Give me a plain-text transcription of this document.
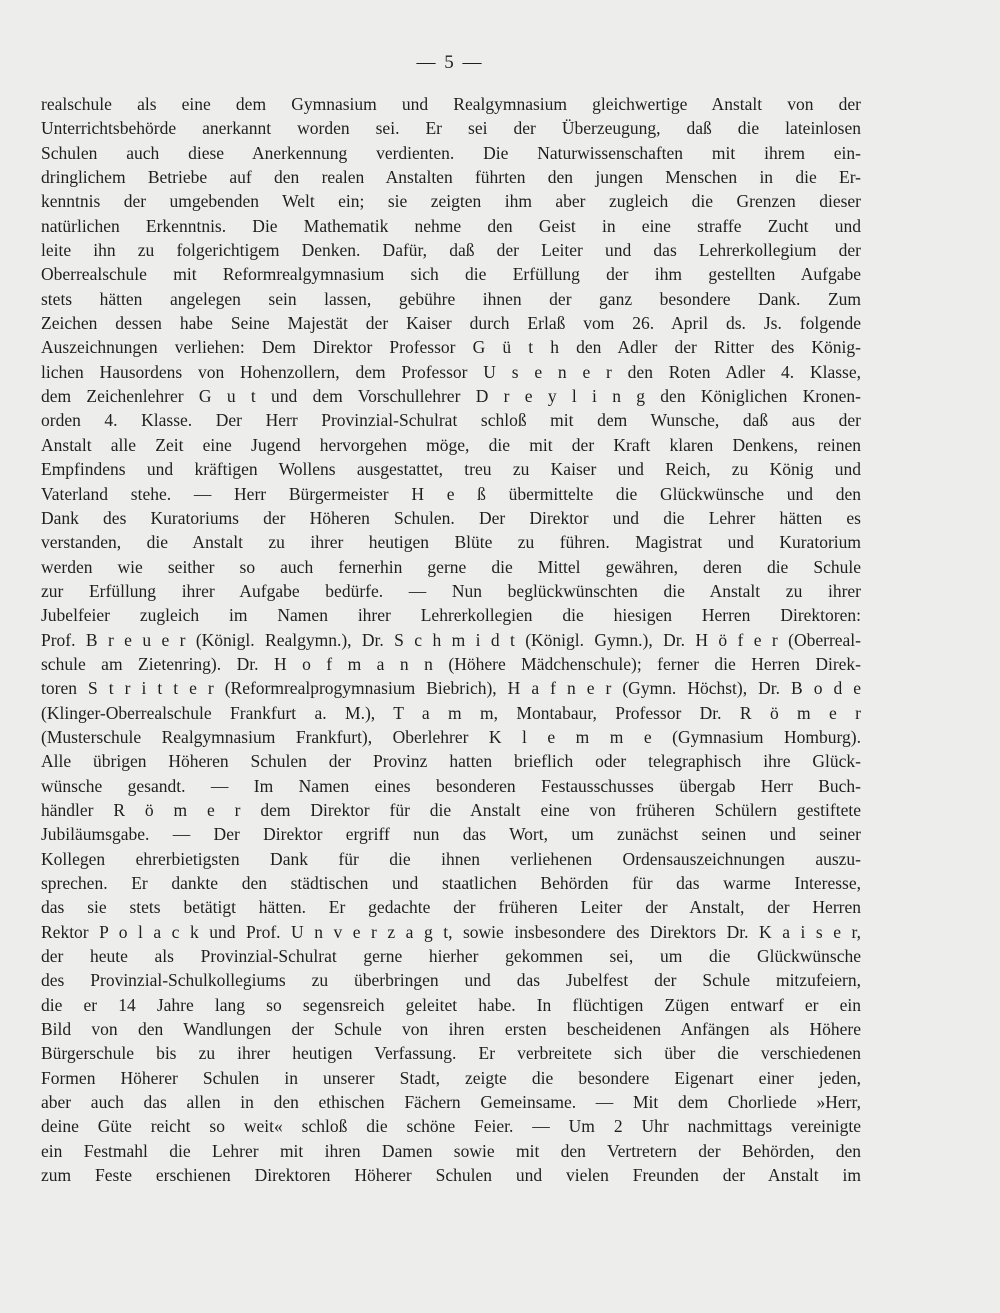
— 5 —
realschule als eine dem Gymnasium und Realgymnasium gleichwertige Anstalt von der
Unterrichtsbehörde anerkannt worden sei. Er sei der Überzeugung, daß die lateinlosen
Schulen auch diese Anerkennung verdienten. Die Naturwissenschaften mit ihrem ein-
dringlichem Betriebe auf den realen Anstalten führten den jungen Menschen in die Er-
kenntnis der umgebenden Welt ein; sie zeigten ihm aber zugleich die Grenzen dieser
natürlichen Erkenntnis. Die Mathematik nehme den Geist in eine straffe Zucht und
leite ihn zu folgerichtigem Denken. Dafür, daß der Leiter und das Lehrerkollegium der
Oberrealschule mit Reformrealgymnasium sich die Erfüllung der ihm gestellten Aufgabe
stets hätten angelegen sein lassen, gebühre ihnen der ganz besondere Dank. Zum
Zeichen dessen habe Seine Majestät der Kaiser durch Erlaß vom 26. April ds. Js. folgende
Auszeichnungen verliehen: Dem Direktor Professor G ü t h den Adler der Ritter des König-
lichen Hausordens von Hohenzollern, dem Professor U s e n e r den Roten Adler 4. Klasse,
dem Zeichenlehrer G u t und dem Vorschullehrer D r e y l i n g den Königlichen Kronen-
orden 4. Klasse. Der Herr Provinzial-Schulrat schloß mit dem Wunsche, daß aus der
Anstalt alle Zeit eine Jugend hervorgehen möge, die mit der Kraft klaren Denkens, reinen
Empfindens und kräftigen Wollens ausgestattet, treu zu Kaiser und Reich, zu König und
Vaterland stehe. — Herr Bürgermeister H e ß übermittelte die Glückwünsche und den
Dank des Kuratoriums der Höheren Schulen. Der Direktor und die Lehrer hätten es
verstanden, die Anstalt zu ihrer heutigen Blüte zu führen. Magistrat und Kuratorium
werden wie seither so auch fernerhin gerne die Mittel gewähren, deren die Schule
zur Erfüllung ihrer Aufgabe bedürfe. — Nun beglückwünschten die Anstalt zu ihrer
Jubelfeier zugleich im Namen ihrer Lehrerkollegien die hiesigen Herren Direktoren:
Prof. B r e u e r (Königl. Realgymn.), Dr. S c h m i d t (Königl. Gymn.), Dr. H ö f e r (Oberreal-
schule am Zietenring). Dr. H o f m a n n (Höhere Mädchenschule); ferner die Herren Direk-
toren S t r i t t e r (Reformrealprogymnasium Biebrich), H a f n e r (Gymn. Höchst), Dr. B o d e
(Klinger-Oberrealschule Frankfurt a. M.), T a m m, Montabaur, Professor Dr. R ö m e r
(Musterschule Realgymnasium Frankfurt), Oberlehrer K l e m m e (Gymnasium Homburg).
Alle übrigen Höheren Schulen der Provinz hatten brieflich oder telegraphisch ihre Glück-
wünsche gesandt. — Im Namen eines besonderen Festausschusses übergab Herr Buch-
händler R ö m e r dem Direktor für die Anstalt eine von früheren Schülern gestiftete
Jubiläumsgabe. — Der Direktor ergriff nun das Wort, um zunächst seinen und seiner
Kollegen ehrerbietigsten Dank für die ihnen verliehenen Ordensauszeichnungen auszu-
sprechen. Er dankte den städtischen und staatlichen Behörden für das warme Interesse,
das sie stets betätigt hätten. Er gedachte der früheren Leiter der Anstalt, der Herren
Rektor P o l a c k und Prof. U n v e r z a g t, sowie insbesondere des Direktors Dr. K a i s e r,
der heute als Provinzial-Schulrat gerne hierher gekommen sei, um die Glückwünsche
des Provinzial-Schulkollegiums zu überbringen und das Jubelfest der Schule mitzufeiern,
die er 14 Jahre lang so segensreich geleitet habe. In flüchtigen Zügen entwarf er ein
Bild von den Wandlungen der Schule von ihren ersten bescheidenen Anfängen als Höhere
Bürgerschule bis zu ihrer heutigen Verfassung. Er verbreitete sich über die verschiedenen
Formen Höherer Schulen in unserer Stadt, zeigte die besondere Eigenart einer jeden,
aber auch das allen in den ethischen Fächern Gemeinsame. — Mit dem Chorliede »Herr,
deine Güte reicht so weit« schloß die schöne Feier. — Um 2 Uhr nachmittags vereinigte
ein Festmahl die Lehrer mit ihren Damen sowie mit den Vertretern der Behörden, den
zum Feste erschienen Direktoren Höherer Schulen und vielen Freunden der Anstalt im
